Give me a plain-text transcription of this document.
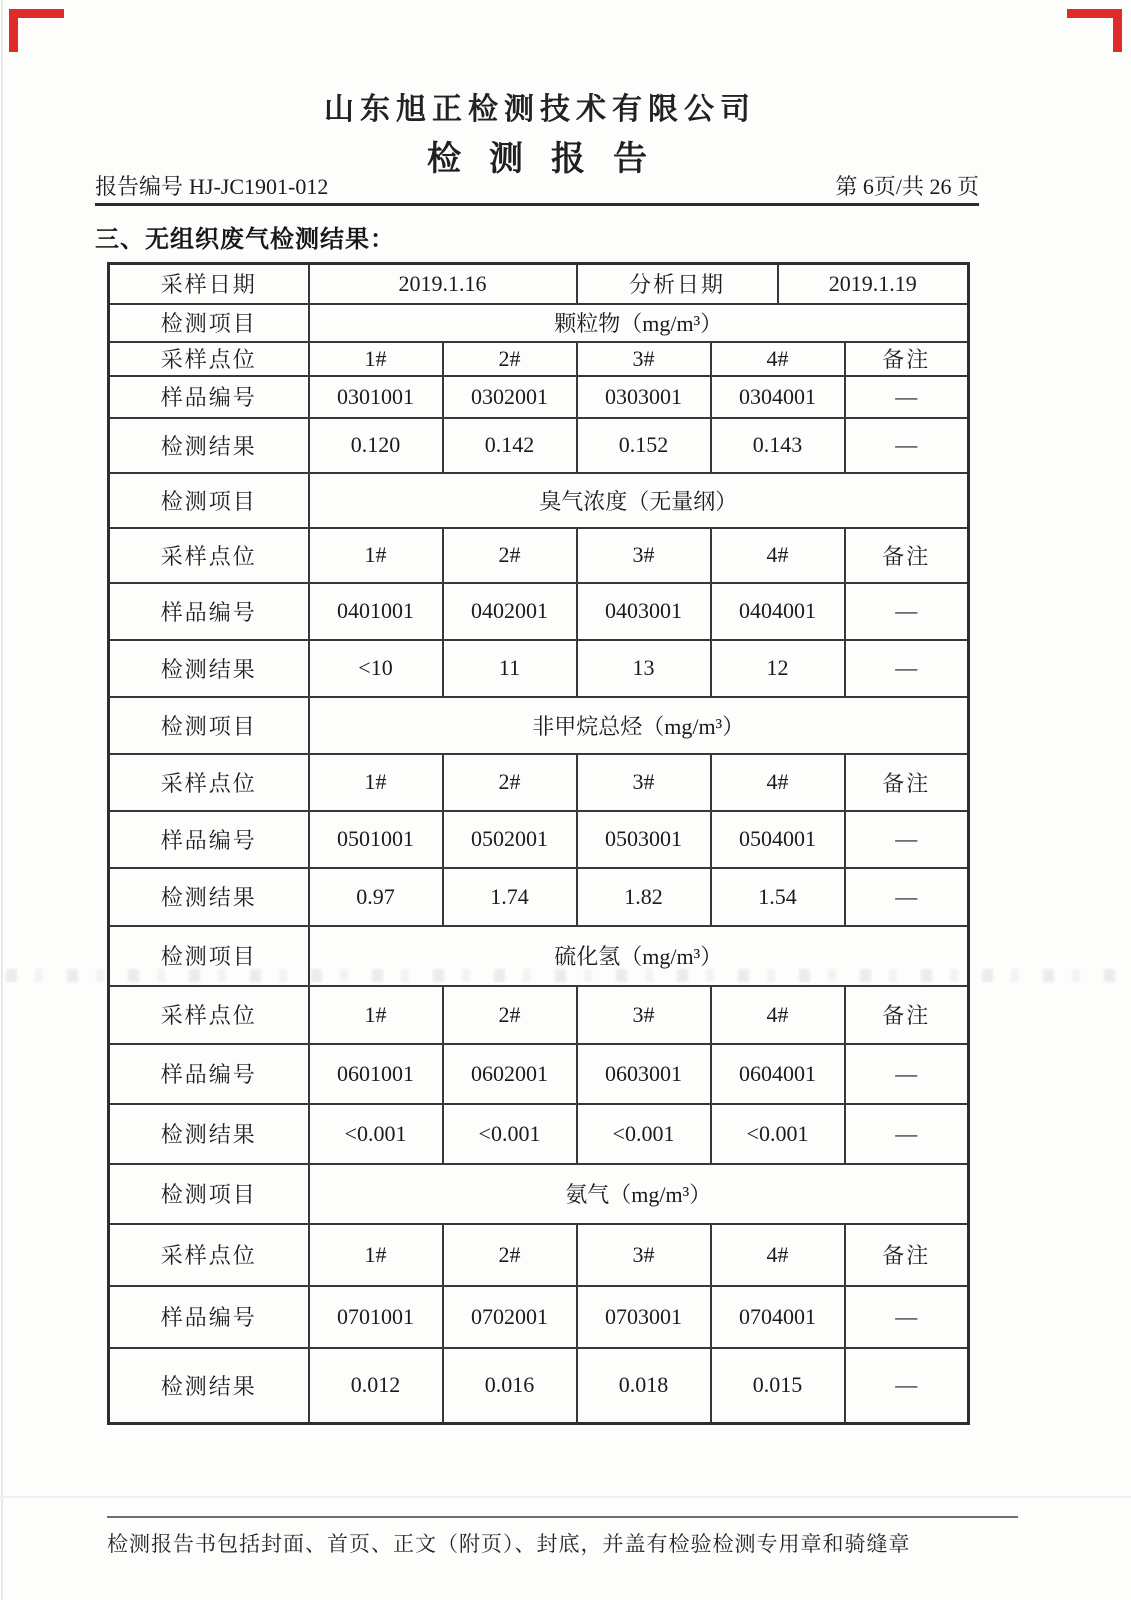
山东旭正检测技术有限公司
检测报告
报告编号 HJ-JC1901-012	第 6页/共 26 页
三、无组织废气检测结果：
采样日期	2019.1.16		分析日期		2019.1.19	
检测项目	颗粒物（mg/m³）					
采样点位	1#	2#	3#	4#		备注
样品编号	0301001	0302001	0303001	0304001		—
检测结果	0.120	0.142	0.152	0.143		—
检测项目	臭气浓度（无量纲）					
采样点位	1#	2#	3#	4#		备注
样品编号	0401001	0402001	0403001	0404001		—
检测结果	<10	11	13	12		—
检测项目	非甲烷总烃（mg/m³）					
采样点位	1#	2#	3#	4#		备注
样品编号	0501001	0502001	0503001	0504001		—
检测结果	0.97	1.74	1.82	1.54		—
检测项目	硫化氢（mg/m³）					
采样点位	1#	2#	3#	4#		备注
样品编号	0601001	0602001	0603001	0604001		—
检测结果	<0.001	<0.001	<0.001	<0.001		—
检测项目	氨气（mg/m³）					
采样点位	1#	2#	3#	4#		备注
样品编号	0701001	0702001	0703001	0704001		—
检测结果	0.012	0.016	0.018	0.015		—
检测报告书包括封面、首页、正文（附页）、封底，并盖有检验检测专用章和骑缝章
